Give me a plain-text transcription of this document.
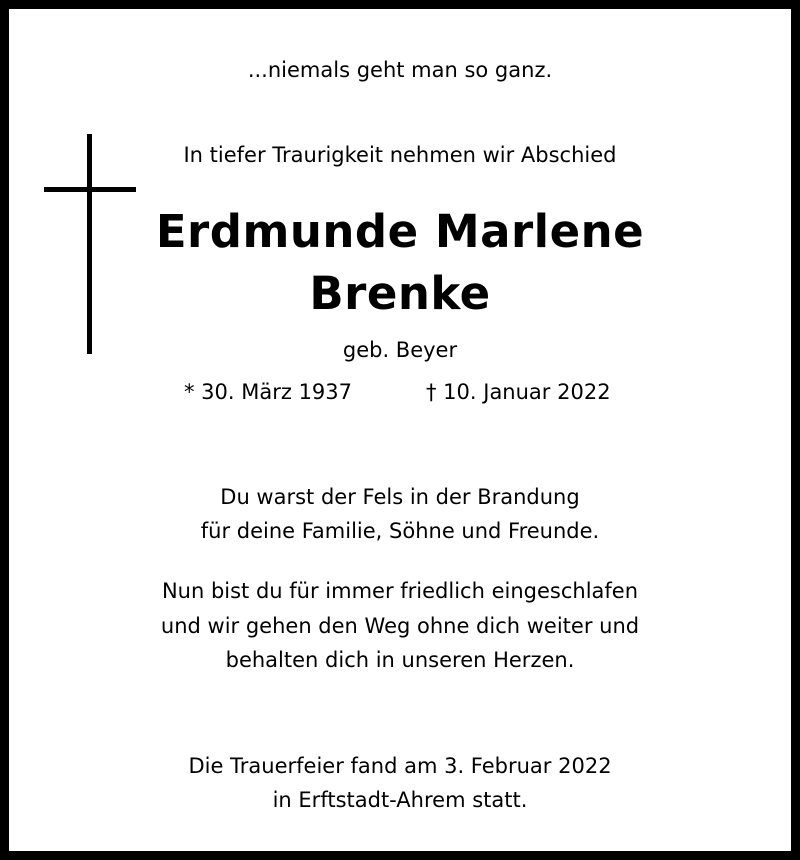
...niemals geht man so ganz.
In tiefer Traurigkeit nehmen wir Abschied
Erdmunde Marlene
Brenke
geb. Beyer
* 30. März 1937	† 10. Januar 2022
Du warst der Fels in der Brandung
für deine Familie, Söhne und Freunde.
Nun bist du für immer friedlich eingeschlafen
und wir gehen den Weg ohne dich weiter und
behalten dich in unseren Herzen.
Die Trauerfeier fand am 3. Februar 2022
in Erftstadt-Ahrem statt.
